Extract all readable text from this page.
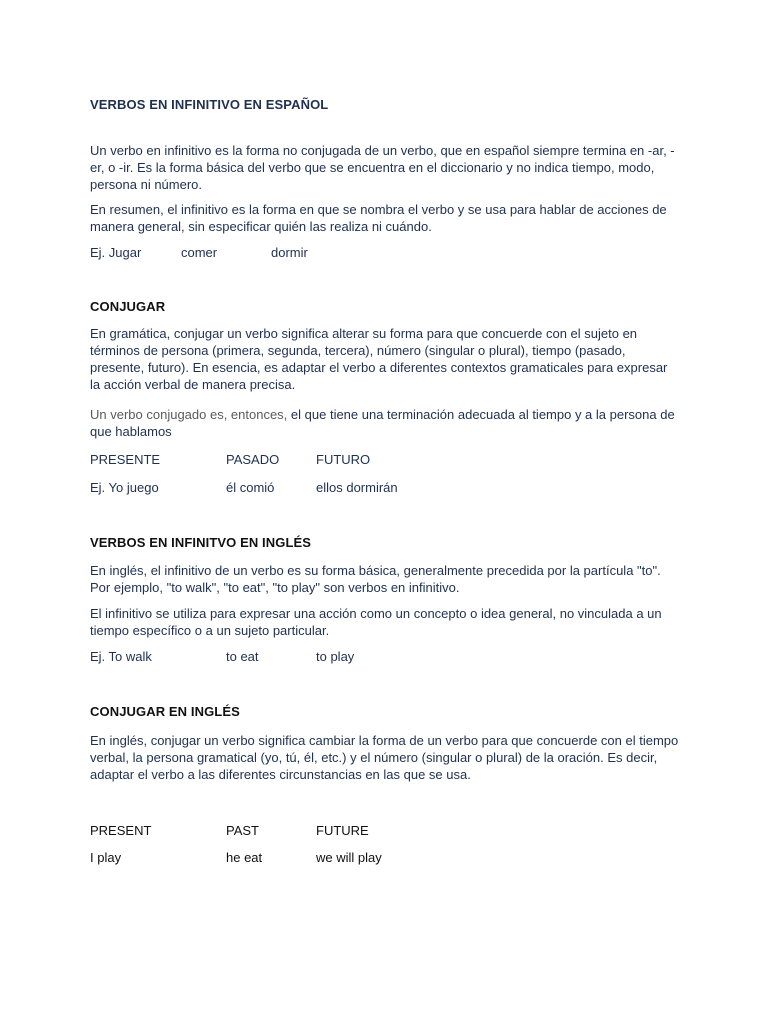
VERBOS EN INFINITIVO EN ESPAÑOL
Un verbo en infinitivo es la forma no conjugada de un verbo, que en español siempre termina en -ar, -er, o -ir. Es la forma básica del verbo que se encuentra en el diccionario y no indica tiempo, modo, persona ni número.
En resumen, el infinitivo es la forma en que se nombra el verbo y se usa para hablar de acciones de manera general, sin especificar quién las realiza ni cuándo.
Ej. Jugar	comer	dormir
CONJUGAR
En gramática, conjugar un verbo significa alterar su forma para que concuerde con el sujeto en términos de persona (primera, segunda, tercera), número (singular o plural), tiempo (pasado, presente, futuro). En esencia, es adaptar el verbo a diferentes contextos gramaticales para expresar la acción verbal de manera precisa.
Un verbo conjugado es, entonces, el que tiene una terminación adecuada al tiempo y a la persona de que hablamos
PRESENTE	PASADO	FUTURO
Ej. Yo juego	él comió	ellos dormirán
VERBOS EN INFINITVO EN INGLÉS
En inglés, el infinitivo de un verbo es su forma básica, generalmente precedida por la partícula "to". Por ejemplo, "to walk", "to eat", "to play" son verbos en infinitivo.
El infinitivo se utiliza para expresar una acción como un concepto o idea general, no vinculada a un tiempo específico o a un sujeto particular.
Ej. To walk	to eat	to play
CONJUGAR EN INGLÉS
En inglés, conjugar un verbo significa cambiar la forma de un verbo para que concuerde con el tiempo verbal, la persona gramatical (yo, tú, él, etc.) y el número (singular o plural) de la oración. Es decir, adaptar el verbo a las diferentes circunstancias en las que se usa.
PRESENT	PAST	FUTURE
I play	he eat	we will play
